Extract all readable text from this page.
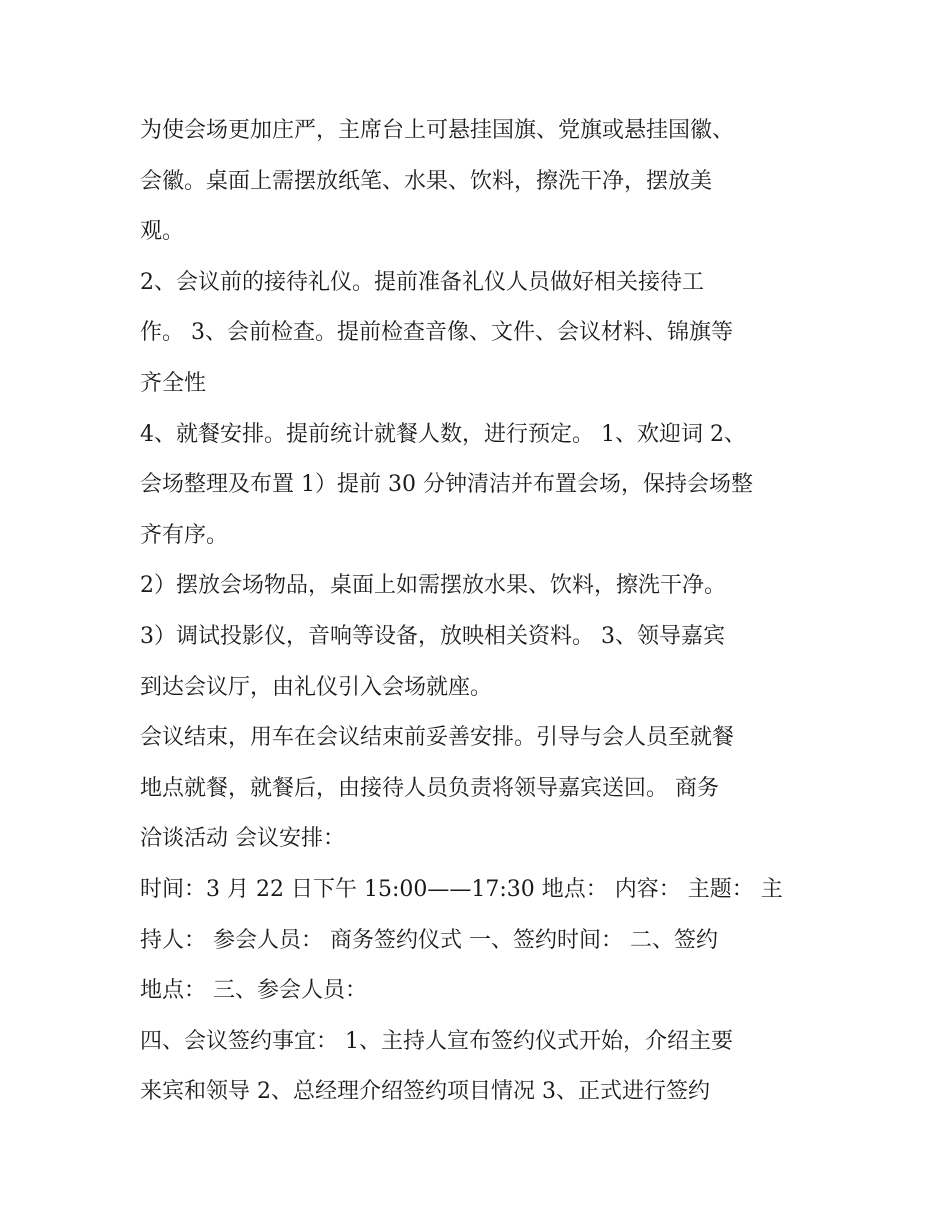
为使会场更加庄严，主席台上可悬挂国旗、党旗或悬挂国徽、
会徽。桌面上需摆放纸笔、水果、饮料，擦洗干净，摆放美
观。
2、会议前的接待礼仪。提前准备礼仪人员做好相关接待工
作。 3、会前检查。提前检查音像、文件、会议材料、锦旗等
齐全性
4、就餐安排。提前统计就餐人数，进行预定。 1、欢迎词 2、
会场整理及布置 1）提前 30 分钟清洁并布置会场，保持会场整
齐有序。
2）摆放会场物品，桌面上如需摆放水果、饮料，擦洗干净。
3）调试投影仪，音响等设备，放映相关资料。 3、领导嘉宾
到达会议厅，由礼仪引入会场就座。
会议结束，用车在会议结束前妥善安排。引导与会人员至就餐
地点就餐，就餐后，由接待人员负责将领导嘉宾送回。 商务
洽谈活动 会议安排：
时间：3 月 22 日下午 15:00——17:30 地点： 内容： 主题： 主
持人： 参会人员： 商务签约仪式 一、签约时间： 二、签约
地点： 三、参会人员：
四、会议签约事宜： 1、主持人宣布签约仪式开始，介绍主要
来宾和领导 2、总经理介绍签约项目情况 3、正式进行签约
